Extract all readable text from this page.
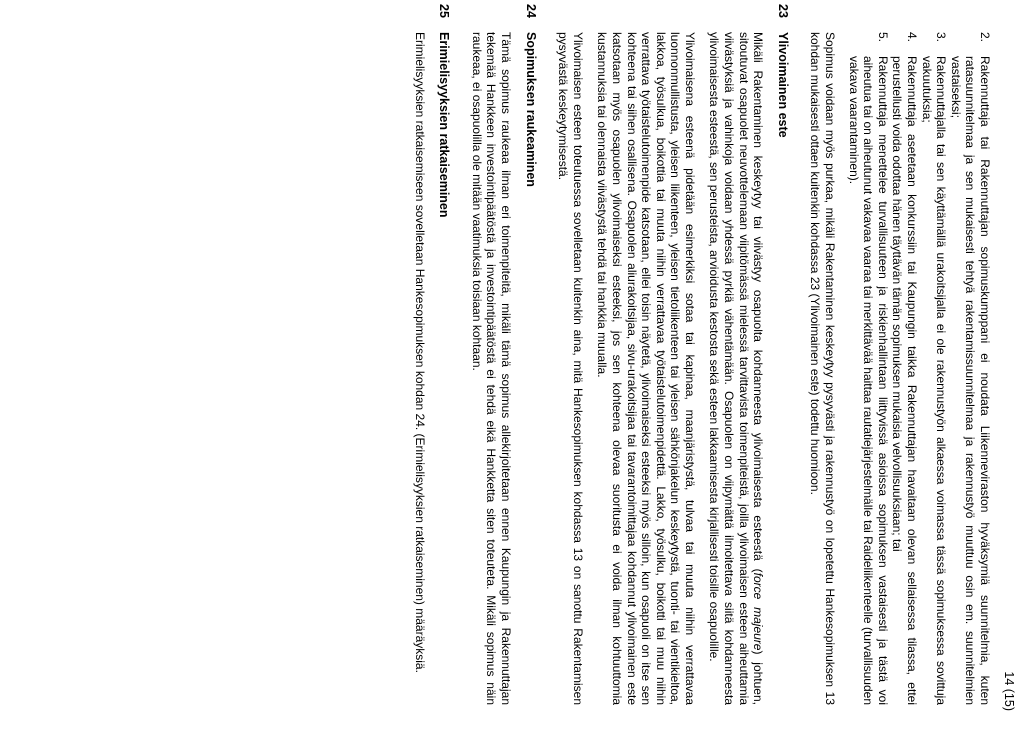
14 (15)
2.
Rakennuttaja tai Rakennuttajan sopimuskumppani ei noudata Liikenneviraston hyväksymiä suunnitelmia, kuten ratasuunnitelmaa ja sen mukaisesti tehtyä rakentamissuunnitelmaa ja rakennustyö muuttuu osin em. suunnitelmien vastaiseksi;
3.
Rakennuttajalla tai sen käyttämällä urakoitsijalla ei ole rakennustyön alkaessa voimassa tässä sopimuksessa sovittuja vakuutuksia;
4.
Rakennuttaja asetetaan konkurssiin tai Kaupungin taikka Rakennuttajan havaitaan olevan sellaisessa tilassa, ettei perustellusti voida odottaa hänen täyttävän tämän sopimuksen mukaisia velvollisuuksiaan; tai
5.
Rakennuttaja menettelee turvallisuuteen ja riskienhallintaan liittyvissä asioissa sopimuksen vastaisesti ja tästä voi aiheutua tai on aiheutunut vakavaa vaaraa tai merkittävää haittaa rautatiejärjestelmälle tai Raideliikenteelle (turvallisuuden vakava vaarantaminen).

Sopimus voidaan myös purkaa, mikäli Rakentaminen keskeytyy pysyvästi ja rakennustyö on lopetettu Hankesopimuksen 13 kohdan mukaisesti ottaen kuitenkin kohdassa 23 (Ylivoimainen este) todettu huomioon.

23
Ylivoimainen este

Mikäli Rakentaminen keskeytyy tai viivästyy osapuolta kohdanneesta ylivoimaisesta esteestä (force majeure) johtuen, sitoutuvat osapuolet neuvottelemaan viipitömässä mielessä tarvittavista toimenpiteistä, joilla ylivoimaisen esteen aiheuttamia viivästyksiä ja vahinkoja voidaan yhdessä pyrkiä vähentämään. Osapuolen on viipymättä ilmoitettava siitä kohdanneesta ylivoimaisesta esteestä, sen perusteista, arvioidusta kestosta sekä esteen lakkaamisesta kirjallisesti toisille osapuolille.

Ylivoimaisena esteenä pidetään esimerkiksi sotaa tai kapinaa, maanjäristystä, tulvaa tai muuta niihin verrattavaa luonnonmullistusta, yleisen liikenteen, yleisen tietoliikenteen tai yleisen sähkönjakelun keskeytystä, tuonti- tai vientikieltoa, lakkoa, työsulkua, boikottia tai muuta niihin verrattavaa työtaistelutoimenpidettä. Lakko, työsulku, boikotti tai muu niihin verrattava työtaistelutoimenpide katsotaan, ellei toisin näytetä, ylivoimaiseksi esteeksi myös silloin, kun osapuoli on itse sen kohteena tai siihen osallisena. Osapuolen aliurakoitsijaa, sivu-urakoitsijaa tai tavarantoimittajaa kohdannut ylivoimainen este katsotaan myös osapuolen ylivoimaiseksi esteeksi, jos sen kohteena olevaa suoritusta ei voida ilman kohtuuttomia kustannuksia tai olennaista viivästystä tehdä tai hankkia muualla.

Ylivoimaisen esteen toteutuessa sovelletaan kuitenkin aina, mitä Hankesopimuksen kohdassa 13 on sanottu Rakentamisen pysyvästä keskeytymisestä.

24
Sopimuksen raukeaminen

Tämä sopimus raukeaa ilman eri toimenpiteitä, mikäli tämä sopimus allekirjoitetaan ennen Kaupungin ja Rakennuttajan tekemää Hankkeen investointipäätöstä ja investointipäätöstä ei tehdä eikä Hankketta siten toteuteta. Mikäli sopimus näin raukeaa, ei osapuolilla ole mitään vaatimuksia toisiaan kohtaan.

25
Erimielisyyksien ratkaiseminen

Erimielisyyksien ratkaisemiseen sovelletaan Hankesopimuksen kohdan 24. (Erimielisyyksien ratkaiseminen) määräyksiä.
